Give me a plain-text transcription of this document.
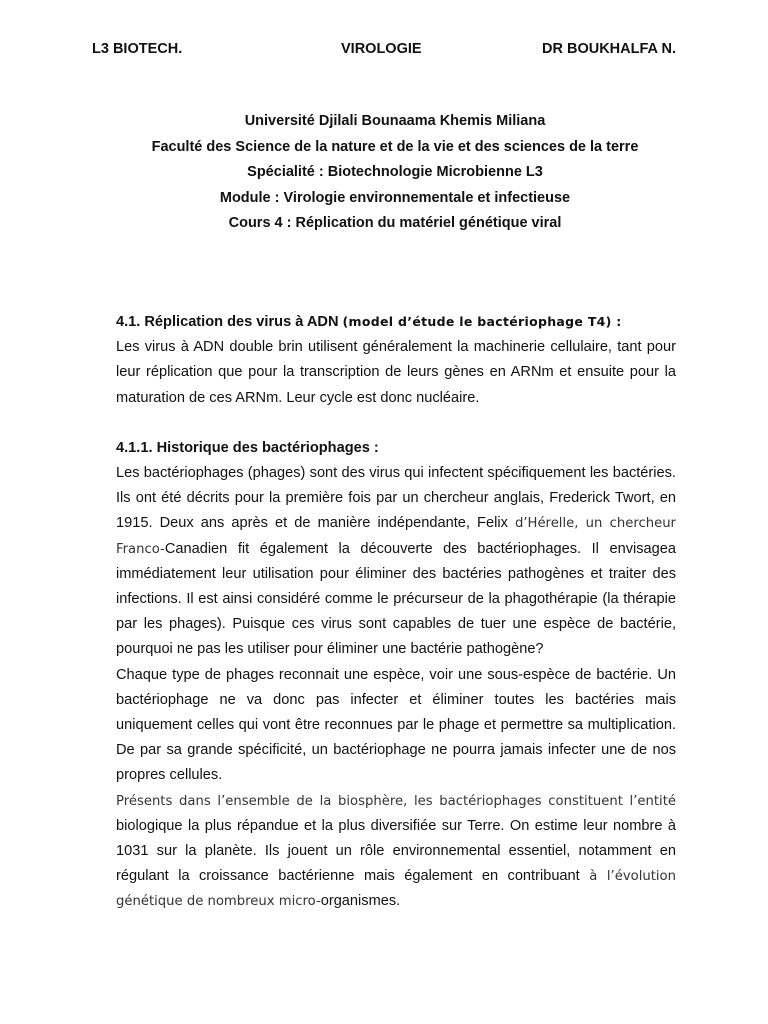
L3 BIOTECH.	VIROLOGIE	DR BOUKHALFA N.
Université Djilali Bounaama Khemis Miliana
Faculté des Science de la nature et de la vie et des sciences de la terre
Spécialité : Biotechnologie Microbienne L3
Module : Virologie environnementale et infectieuse
Cours 4 : Réplication du matériel génétique viral

4.1. Réplication des virus à ADN (model d’étude le bactériophage T4) :

Les virus à ADN double brin utilisent généralement la machinerie cellulaire, tant pour leur réplication que pour la transcription de leurs gènes en ARNm et ensuite pour la maturation de ces ARNm. Leur cycle est donc nucléaire.

4.1.1. Historique des bactériophages :

Les bactériophages (phages) sont des virus qui infectent spécifiquement les bactéries. Ils ont été décrits pour la première fois par un chercheur anglais, Frederick Twort, en 1915. Deux ans après et de manière indépendante, Felix d’Hérelle, un chercheur Franco-Canadien fit également la découverte des bactériophages. Il envisagea immédiatement leur utilisation pour éliminer des bactéries pathogènes et traiter des infections. Il est ainsi considéré comme le précurseur de la phagothérapie (la thérapie par les phages). Puisque ces virus sont capables de tuer une espèce de bactérie, pourquoi ne pas les utiliser pour éliminer une bactérie pathogène?

Chaque type de phages reconnait une espèce, voir une sous-espèce de bactérie. Un bactériophage ne va donc pas infecter et éliminer toutes les bactéries mais uniquement celles qui vont être reconnues par le phage et permettre sa multiplication. De par sa grande spécificité, un bactériophage ne pourra jamais infecter une de nos propres cellules.

Présents dans l’ensemble de la biosphère, les bactériophages constituent l’entité biologique la plus répandue et la plus diversifiée sur Terre. On estime leur nombre à 1031 sur la planète. Ils jouent un rôle environnemental essentiel, notamment en régulant la croissance bactérienne mais également en contribuant à l’évolution génétique de nombreux micro-organismes.
